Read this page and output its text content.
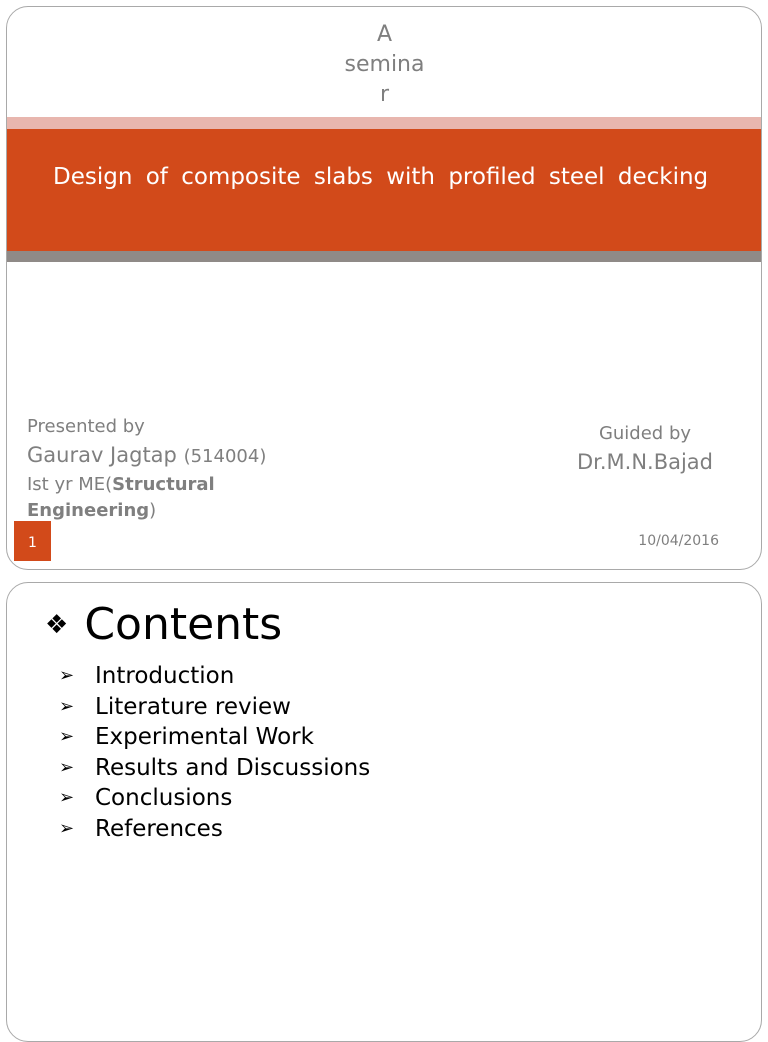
A
semina
r
Design of composite slabs with profiled steel decking
Presented by
Gaurav Jagtap (514004)
Ist yr ME(Structural Engineering)
Guided by
Dr.M.N.Bajad
1	10/04/2016
❖ Contents
➢ Introduction
➢ Literature review
➢ Experimental Work
➢ Results and Discussions
➢ Conclusions
➢ References
